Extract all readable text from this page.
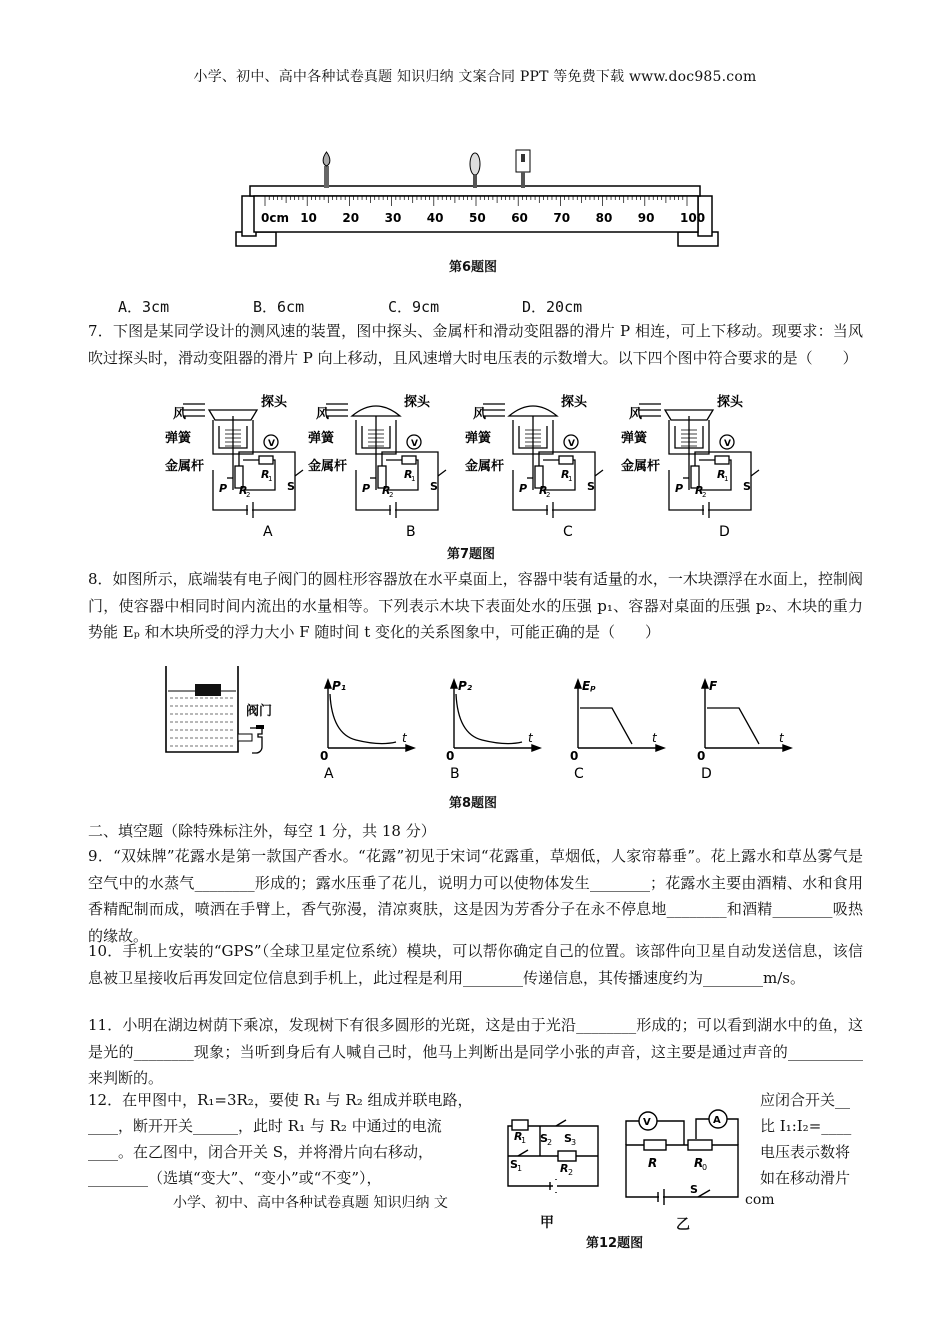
小学、初中、高中各种试卷真题 知识归纳 文案合同 PPT 等免费下载 www.doc985.com
0cm 10 20 30 40 50 60 70 80 90 100
第6题图
A．3cm	B．6cm	C．9cm	D．20cm
7．下图是某同学设计的测风速的装置，图中探头、金属杆和滑动变阻器的滑片 P 相连，可上下移动。现要求：当风吹过探头时，滑动变阻器的滑片 P 向上移动，且风速增大时电压表的示数增大。以下四个图中符合要求的是（　　）
V
R
1
R
2
P	S
风
探头
弹簧
金属杆
A
V
R
1
R
2
P	S
风
探头
弹簧
金属杆
B
V
R
1
R
2
P	S
风
探头
弹簧
金属杆
C
V
R
1
R
2
P	S
风
探头
弹簧
金属杆
D
第7题图
8．如图所示，底端装有电子阀门的圆柱形容器放在水平桌面上，容器中装有适量的水，一木块漂浮在水面上，控制阀门，使容器中相同时间内流出的水量相等。下列表示木块下表面处水的压强 p₁、容器对桌面的压强 p₂、木块的重力势能 Eₚ 和木块所受的浮力大小 F 随时间 t 变化的关系图象中，可能正确的是（　　）
阀门
0
t
P₁
A
0
t
P₂
B
0
t
Eₚ
C
0
t
F
D
第8题图
二、填空题（除特殊标注外，每空 1 分，共 18 分）
9．“双妹牌”花露水是第一款国产香水。“花露”初见于宋词“花露重，草烟低，人家帘幕垂”。花上露水和草丛雾气是空气中的水蒸气________形成的；露水压垂了花儿，说明力可以使物体发生________；花露水主要由酒精、水和食用香精配制而成，喷洒在手臂上，香气弥漫，清凉爽肤，这是因为芳香分子在永不停息地________和酒精________吸热的缘故。
10．手机上安装的“GPS”（全球卫星定位系统）模块，可以帮你确定自己的位置。该部件向卫星自动发送信息，该信息被卫星接收后再发回定位信息到手机上，此过程是利用________传递信息，其传播速度约为________m/s。
11．小明在湖边树荫下乘凉，发现树下有很多圆形的光斑，这是由于光沿________形成的；可以看到湖水中的鱼，这是光的________现象；当听到身后有人喊自己时，他马上判断出是同学小张的声音，这主要是通过声音的__________来判断的。
12．在甲图中，R₁=3R₂，要使 R₁ 与 R₂ 组成并联电路，
____，断开开关______，此时 R₁ 与 R₂ 中通过的电流
____。在乙图中，闭合开关 S，并将滑片向右移动，
________（选填“变大”、“变小”或“不变”），
应闭合开关__
比 I₁:I₂=____
电压表示数将
如在移动滑片
R
1 S 2 S 3
S 1	R 2
甲
V	A
R	R
0
S
乙
第12题图
小学、初中、高中各种试卷真题 知识归纳 文	com
